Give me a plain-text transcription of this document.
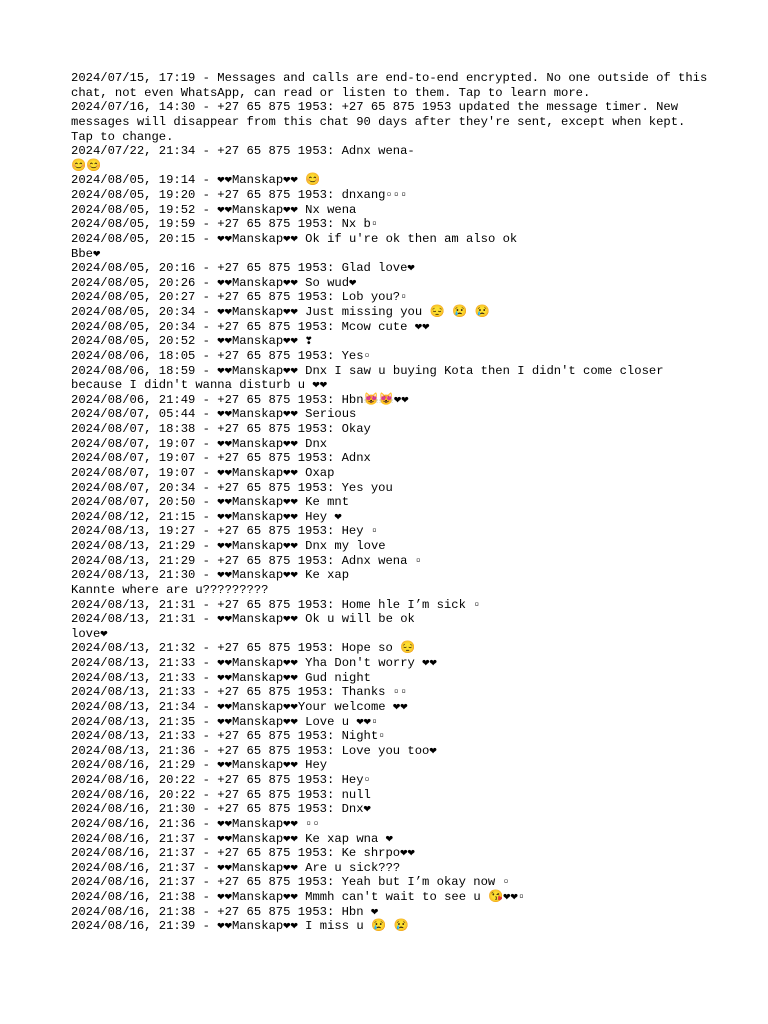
2024/07/15, 17:19 - Messages and calls are end-to-end encrypted. No one outside of this chat, not even WhatsApp, can read or listen to them. Tap to learn more.
2024/07/16, 14:30 - +27 65 875 1953: +27 65 875 1953 updated the message timer. New messages will disappear from this chat 90 days after they're sent, except when kept. Tap to change.
2024/07/22, 21:34 - +27 65 875 1953: Adnx wena-
😊😊
2024/08/05, 19:14 - ❤❤Manskap❤❤ 😊
2024/08/05, 19:20 - +27 65 875 1953: dnxang▫▫▫
2024/08/05, 19:52 - ❤❤Manskap❤❤ Nx wena
2024/08/05, 19:59 - +27 65 875 1953: Nx b▫
2024/08/05, 20:15 - ❤❤Manskap❤❤ Ok if u're ok then am also ok
Bbe❤
2024/08/05, 20:16 - +27 65 875 1953: Glad love❤
2024/08/05, 20:26 - ❤❤Manskap❤❤ So wud❤
2024/08/05, 20:27 - +27 65 875 1953: Lob you?▫
2024/08/05, 20:34 - ❤❤Manskap❤❤ Just missing you 😔 😢 😢
2024/08/05, 20:34 - +27 65 875 1953: Mcow cute ❤❤
2024/08/05, 20:52 - ❤❤Manskap❤❤ ❣
2024/08/06, 18:05 - +27 65 875 1953: Yes▫
2024/08/06, 18:59 - ❤❤Manskap❤❤ Dnx I saw u buying Kota then I didn't come closer because I didn't wanna disturb u ❤❤
2024/08/06, 21:49 - +27 65 875 1953: Hbn😻😻❤❤
2024/08/07, 05:44 - ❤❤Manskap❤❤ Serious
2024/08/07, 18:38 - +27 65 875 1953: Okay
2024/08/07, 19:07 - ❤❤Manskap❤❤ Dnx
2024/08/07, 19:07 - +27 65 875 1953: Adnx
2024/08/07, 19:07 - ❤❤Manskap❤❤ Oxap
2024/08/07, 20:34 - +27 65 875 1953: Yes you
2024/08/07, 20:50 - ❤❤Manskap❤❤ Ke mnt
2024/08/12, 21:15 - ❤❤Manskap❤❤ Hey ❤
2024/08/13, 19:27 - +27 65 875 1953: Hey ▫
2024/08/13, 21:29 - ❤❤Manskap❤❤ Dnx my love
2024/08/13, 21:29 - +27 65 875 1953: Adnx wena ▫
2024/08/13, 21:30 - ❤❤Manskap❤❤ Ke xap
Kannte where are u?????????
2024/08/13, 21:31 - +27 65 875 1953: Home hle I’m sick ▫
2024/08/13, 21:31 - ❤❤Manskap❤❤ Ok u will be ok
love❤
2024/08/13, 21:32 - +27 65 875 1953: Hope so 😔
2024/08/13, 21:33 - ❤❤Manskap❤❤ Yha Don't worry ❤❤
2024/08/13, 21:33 - ❤❤Manskap❤❤ Gud night
2024/08/13, 21:33 - +27 65 875 1953: Thanks ▫▫
2024/08/13, 21:34 - ❤❤Manskap❤❤Your welcome ❤❤
2024/08/13, 21:35 - ❤❤Manskap❤❤ Love u ❤❤▫
2024/08/13, 21:33 - +27 65 875 1953: Night▫
2024/08/13, 21:36 - +27 65 875 1953: Love you too❤
2024/08/16, 21:29 - ❤❤Manskap❤❤ Hey
2024/08/16, 20:22 - +27 65 875 1953: Hey▫
2024/08/16, 20:22 - +27 65 875 1953: null
2024/08/16, 21:30 - +27 65 875 1953: Dnx❤
2024/08/16, 21:36 - ❤❤Manskap❤❤ ▫▫
2024/08/16, 21:37 - ❤❤Manskap❤❤ Ke xap wna ❤
2024/08/16, 21:37 - +27 65 875 1953: Ke shrpo❤❤
2024/08/16, 21:37 - ❤❤Manskap❤❤ Are u sick???
2024/08/16, 21:37 - +27 65 875 1953: Yeah but I’m okay now ▫
2024/08/16, 21:38 - ❤❤Manskap❤❤ Mmmh can't wait to see u 😘❤❤▫
2024/08/16, 21:38 - +27 65 875 1953: Hbn ❤
2024/08/16, 21:39 - ❤❤Manskap❤❤ I miss u 😢 😢
